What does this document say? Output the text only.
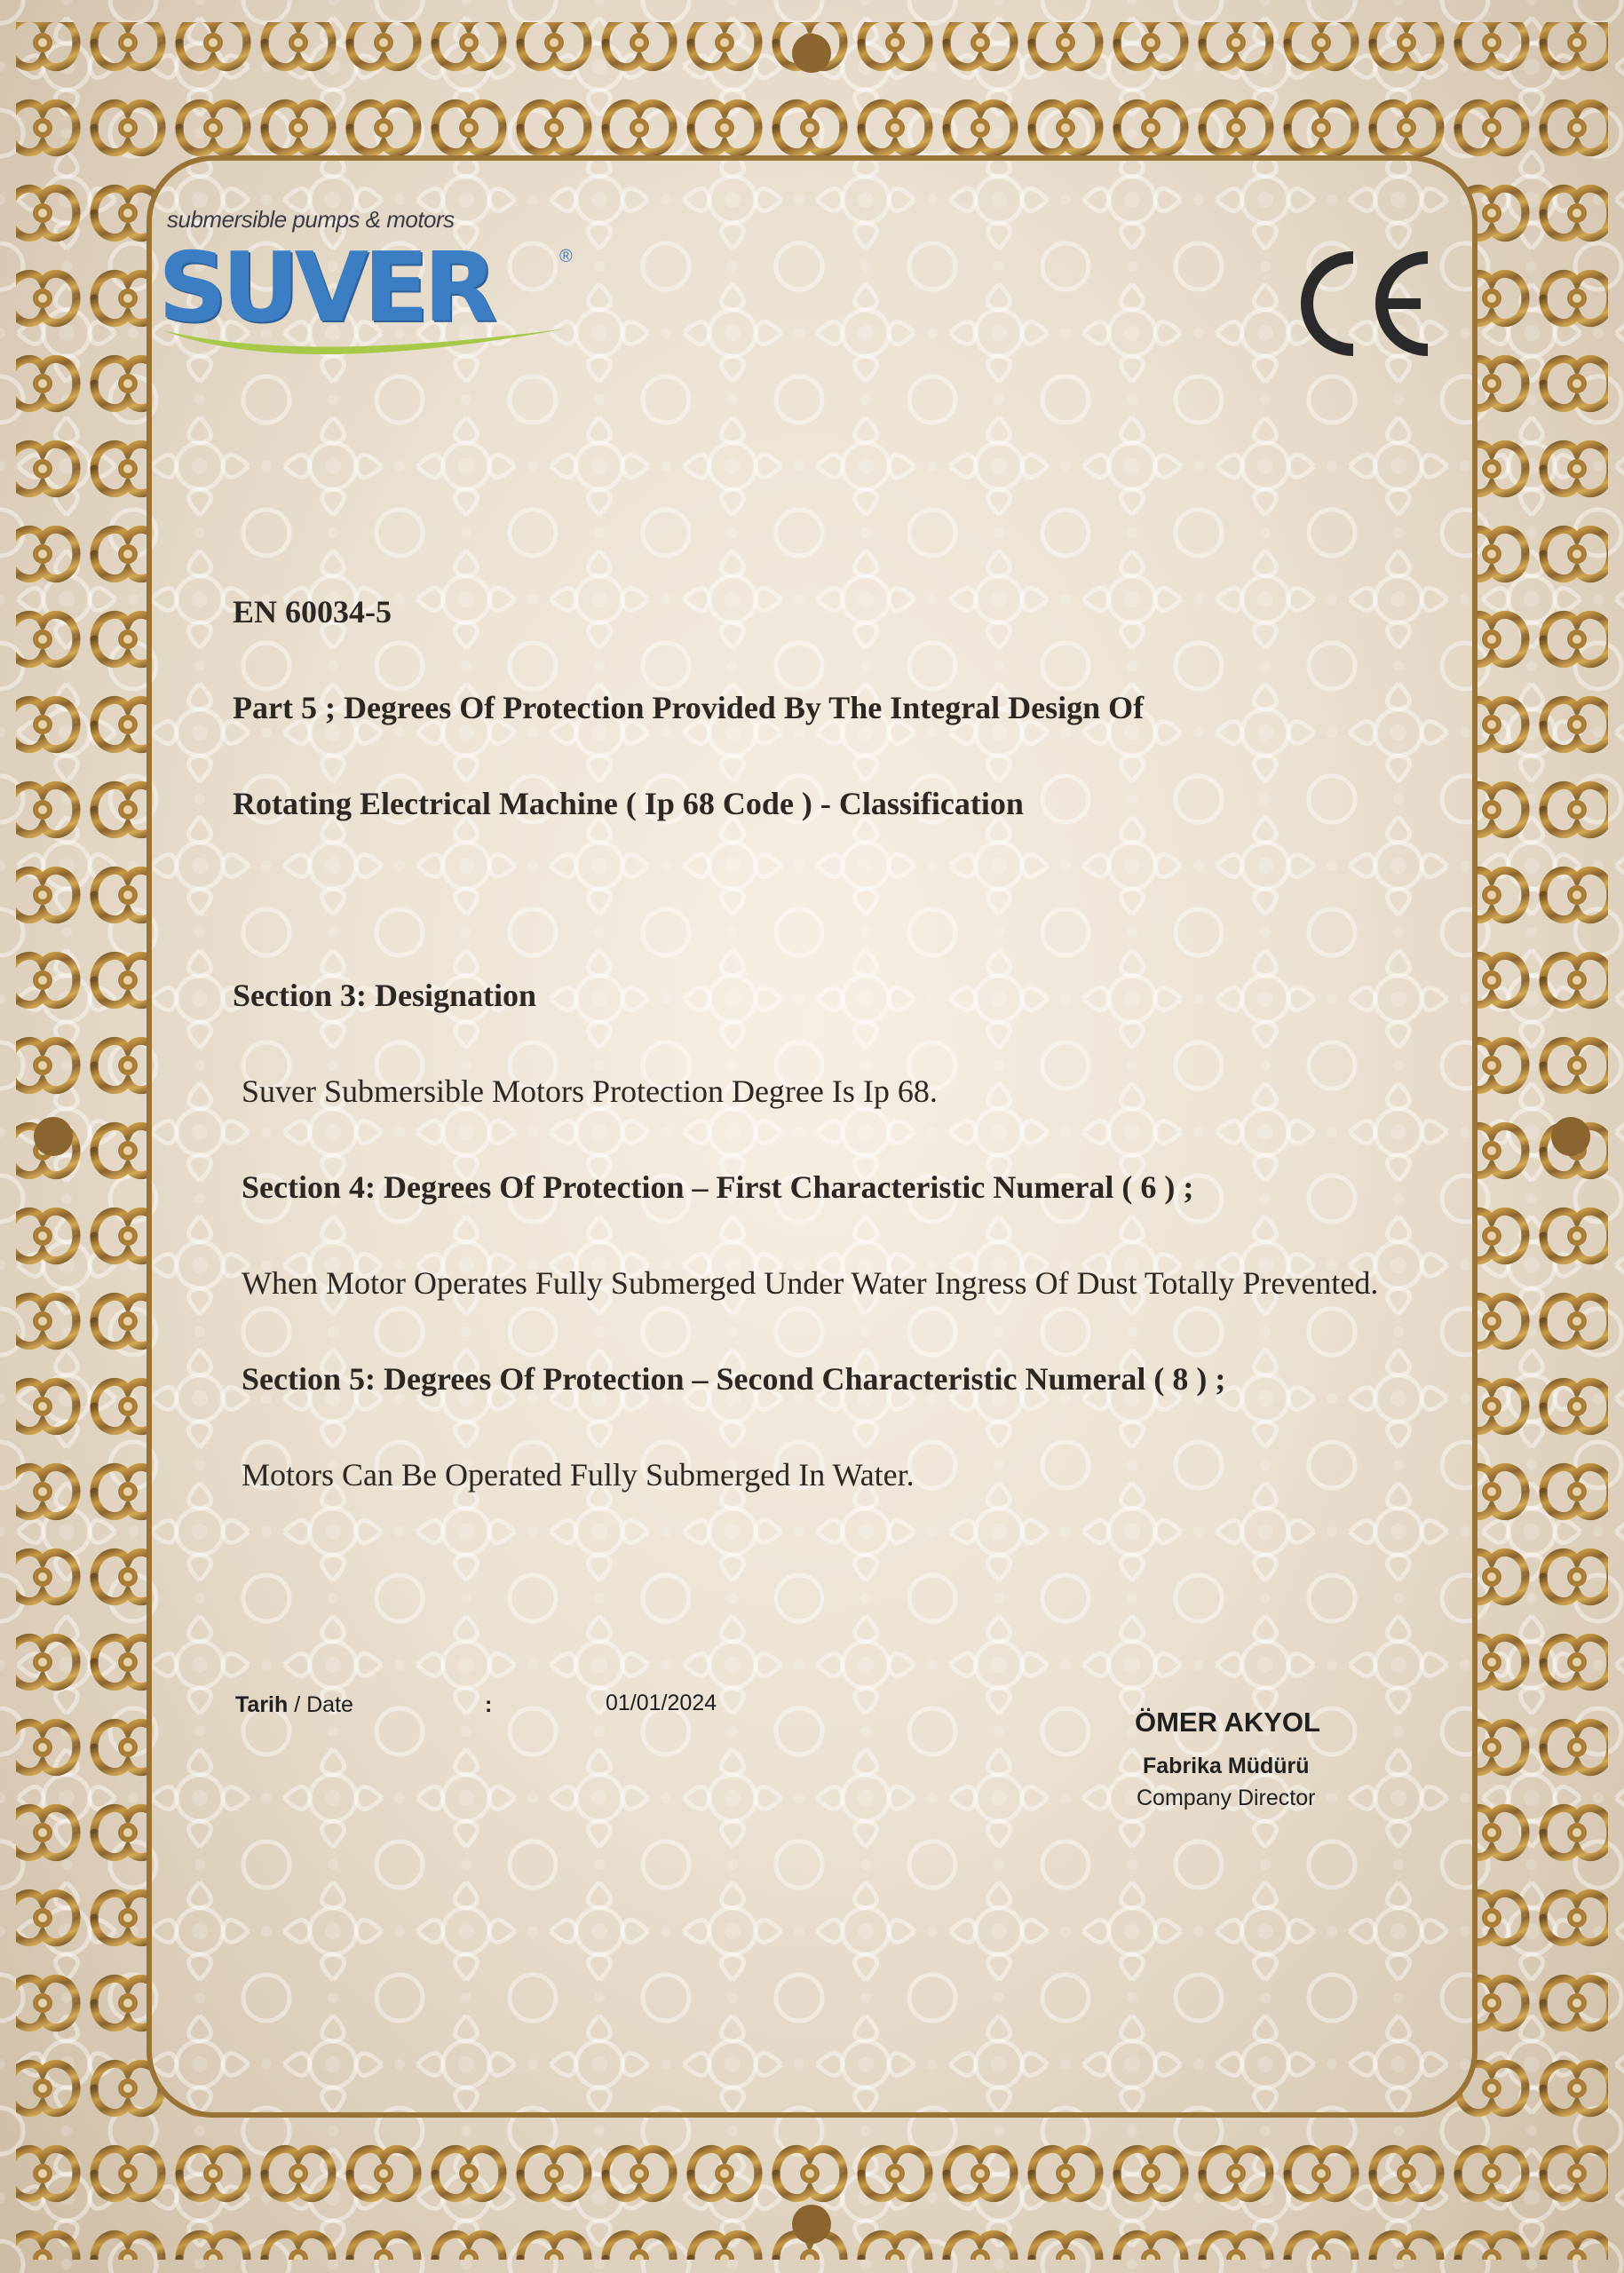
submersible pumps & motors
SUVER	®
EN 60034-5
Part 5 ; Degrees Of Protection Provided By The Integral Design Of
Rotating Electrical Machine ( Ip 68 Code ) - Classification
Section 3: Designation
Suver Submersible Motors Protection Degree Is Ip 68.
Section 4: Degrees Of Protection – First Characteristic Numeral ( 6 ) ;
When Motor Operates Fully Submerged Under Water Ingress Of Dust Totally Prevented.
Section 5: Degrees Of Protection – Second Characteristic Numeral ( 8 ) ;
Motors Can Be Operated Fully Submerged In Water.
Tarih / Date	:	01/01/2024
ÖMER AKYOL
Fabrika Müdürü
Company Director
